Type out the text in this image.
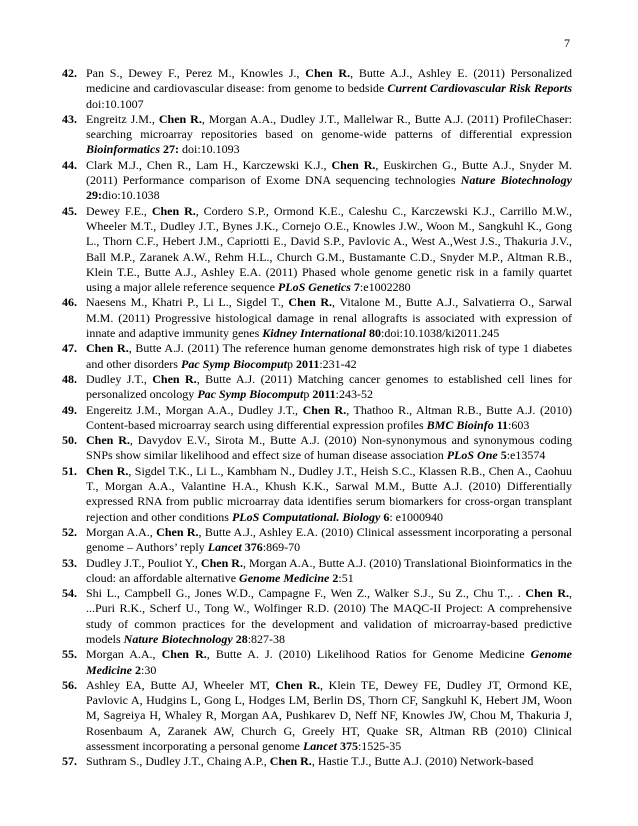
7
42. Pan S., Dewey F., Perez M., Knowles J., Chen R., Butte A.J., Ashley E. (2011) Personalized medicine and cardiovascular disease: from genome to bedside Current Cardiovascular Risk Reports doi:10.1007
43. Engreitz J.M., Chen R., Morgan A.A., Dudley J.T., Mallelwar R., Butte A.J. (2011) ProfileChaser: searching microarray repositories based on genome-wide patterns of differential expression Bioinformatics 27: doi:10.1093
44. Clark M.J., Chen R., Lam H., Karczewski K.J., Chen R., Euskirchen G., Butte A.J., Snyder M. (2011) Performance comparison of Exome DNA sequencing technologies Nature Biotechnology 29:dio:10.1038
45. Dewey F.E., Chen R., Cordero S.P., Ormond K.E., Caleshu C., Karczewski K.J., Carrillo M.W., Wheeler M.T., Dudley J.T., Bynes J.K., Cornejo O.E., Knowles J.W., Woon M., Sangkuhl K., Gong L., Thorn C.F., Hebert J.M., Capriotti E., David S.P., Pavlovic A., West A.,West J.S., Thakuria J.V., Ball M.P., Zaranek A.W., Rehm H.L., Church G.M., Bustamante C.D., Snyder M.P., Altman R.B., Klein T.E., Butte A.J., Ashley E.A. (2011) Phased whole genome genetic risk in a family quartet using a major allele reference sequence PLoS Genetics 7:e1002280
46. Naesens M., Khatri P., Li L., Sigdel T., Chen R., Vitalone M., Butte A.J., Salvatierra O., Sarwal M.M. (2011) Progressive histological damage in renal allografts is associated with expression of innate and adaptive immunity genes Kidney International 80:doi:10.1038/ki2011.245
47. Chen R., Butte A.J. (2011) The reference human genome demonstrates high risk of type 1 diabetes and other disorders Pac Symp Biocomputp 2011:231-42
48. Dudley J.T., Chen R., Butte A.J. (2011) Matching cancer genomes to established cell lines for personalized oncology Pac Symp Biocomputp 2011:243-52
49. Engereitz J.M., Morgan A.A., Dudley J.T., Chen R., Thathoo R., Altman R.B., Butte A.J. (2010) Content-based microarray search using differential expression profiles BMC Bioinfo 11:603
50. Chen R., Davydov E.V., Sirota M., Butte A.J. (2010) Non-synonymous and synonymous coding SNPs show similar likelihood and effect size of human disease association PLoS One 5:e13574
51. Chen R., Sigdel T.K., Li L., Kambham N., Dudley J.T., Heish S.C., Klassen R.B., Chen A., Caohuu T., Morgan A.A., Valantine H.A., Khush K.K., Sarwal M.M., Butte A.J. (2010) Differentially expressed RNA from public microarray data identifies serum biomarkers for cross-organ transplant rejection and other conditions PLoS Computational. Biology 6: e1000940
52. Morgan A.A., Chen R., Butte A.J., Ashley E.A. (2010) Clinical assessment incorporating a personal genome – Authors’ reply Lancet 376:869-70
53. Dudley J.T., Pouliot Y., Chen R., Morgan A.A., Butte A.J. (2010) Translational Bioinformatics in the cloud: an affordable alternative Genome Medicine 2:51
54. Shi L., Campbell G., Jones W.D., Campagne F., Wen Z., Walker S.J., Su Z., Chu T.,. . Chen R., ...Puri R.K., Scherf U., Tong W., Wolfinger R.D. (2010) The MAQC-II Project: A comprehensive study of common practices for the development and validation of microarray-based predictive models Nature Biotechnology 28:827-38
55. Morgan A.A., Chen R., Butte A. J. (2010) Likelihood Ratios for Genome Medicine Genome Medicine 2:30
56. Ashley EA, Butte AJ, Wheeler MT, Chen R., Klein TE, Dewey FE, Dudley JT, Ormond KE, Pavlovic A, Hudgins L, Gong L, Hodges LM, Berlin DS, Thorn CF, Sangkuhl K, Hebert JM, Woon M, Sagreiya H, Whaley R, Morgan AA, Pushkarev D, Neff NF, Knowles JW, Chou M, Thakuria J, Rosenbaum A, Zaranek AW, Church G, Greely HT, Quake SR, Altman RB (2010) Clinical assessment incorporating a personal genome Lancet 375:1525-35
57. Suthram S., Dudley J.T., Chaing A.P., Chen R., Hastie T.J., Butte A.J. (2010) Network-based
